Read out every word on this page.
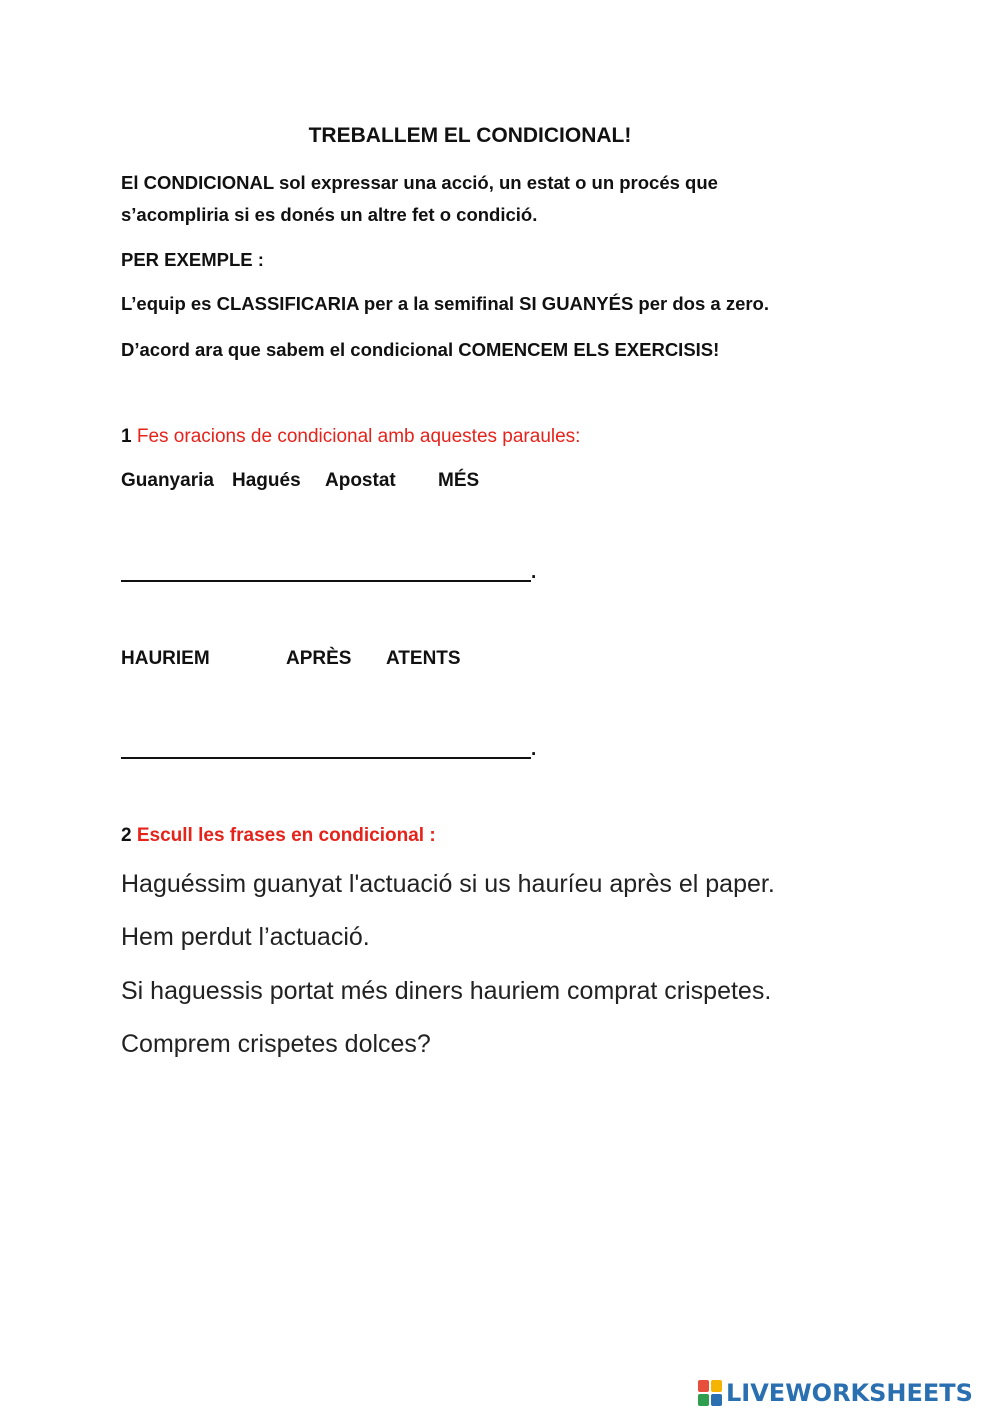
TREBALLEM EL CONDICIONAL!
El CONDICIONAL sol expressar una acció, un estat o un procés que
s’acompliria si es donés un altre fet o condició.
PER EXEMPLE :
L’equip es CLASSIFICARIA per a la semifinal SI GUANYÉS per dos a zero.
D’acord ara que sabem el condicional COMENCEM ELS EXERCISIS!
1 Fes oracions de condicional amb aquestes paraules:
Guanyaria Hagués Apostat MÉS
.
HAURIEM	APRÈS ATENTS
.
2 Escull les frases en condicional :
Haguéssim guanyat l'actuació si us hauríeu après el paper.
Hem perdut l’actuació.
Si haguessis portat més diners hauriem comprat crispetes.
Comprem crispetes dolces?
LIVEWORKSHEETS
